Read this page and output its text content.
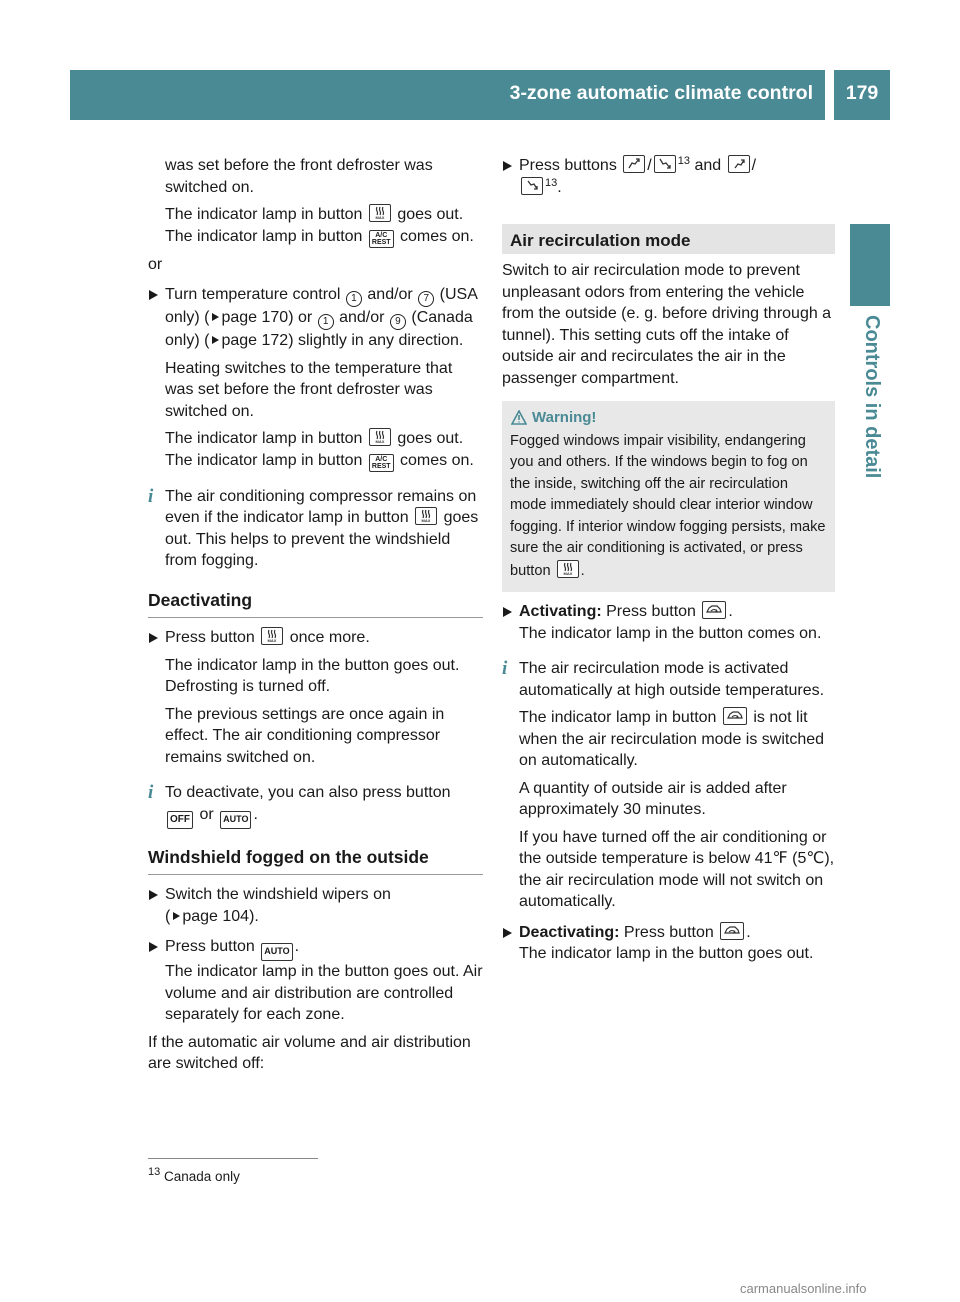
3-zone automatic climate control	179
Controls in detail

was set before the front defroster was switched on.

The indicator lamp in button	MAX goes out.

The indicator lamp in button A/C
REST comes on.

or

Turn temperature control 1 and/or 7 (USA only) ( page 170) or 1 and/or 9 (Canada only) ( page 172) slightly in any direction.

Heating switches to the temperature that was set before the front defroster was switched on.

The indicator lamp in button	MAX goes out.

The indicator lamp in button A/C
REST comes on.

i The air conditioning compressor remains on even if the indicator lamp in button	MAX goes out. This helps to prevent the windshield from fogging.

Deactivating

Press button	MAX once more.

The indicator lamp in the button goes out. Defrosting is turned off.

The previous settings are once again in effect. The air conditioning compressor remains switched on.

i To deactivate, you can also press button OFF or AUTO .

Windshield fogged on the outside

Switch the windshield wipers on
( page 104).

Press button AUTO .

The indicator lamp in the button goes out. Air volume and air distribution are controlled separately for each zone.

If the automatic air volume and air distribution are switched off:

Press buttons / $^{13}$ and /

$^{13}$.

Air recirculation mode

Switch to air recirculation mode to prevent unpleasant odors from entering the vehicle from the outside (e. g. before driving through a tunnel). This setting cuts off the intake of outside air and recirculates the air in the passenger compartment.

Warning!

Fogged windows impair visibility, endangering you and others. If the windows begin to fog on the inside, switching off the air recirculation mode immediately should clear interior window fogging. If interior window fogging persists, make sure the air conditioning is activated, or press button	MAX .

Activating: Press button .

The indicator lamp in the button comes on.

i The air recirculation mode is activated automatically at high outside temperatures.

The indicator lamp in button is not lit when the air recirculation mode is switched on automatically.

A quantity of outside air is added after approximately 30 minutes.

If you have turned off the air conditioning or the outside temperature is below 41℉ (5℃), the air recirculation mode will not switch on automatically.

Deactivating: Press button .

The indicator lamp in the button goes out.

$^{13}$ Canada only
carmanualsonline.info
